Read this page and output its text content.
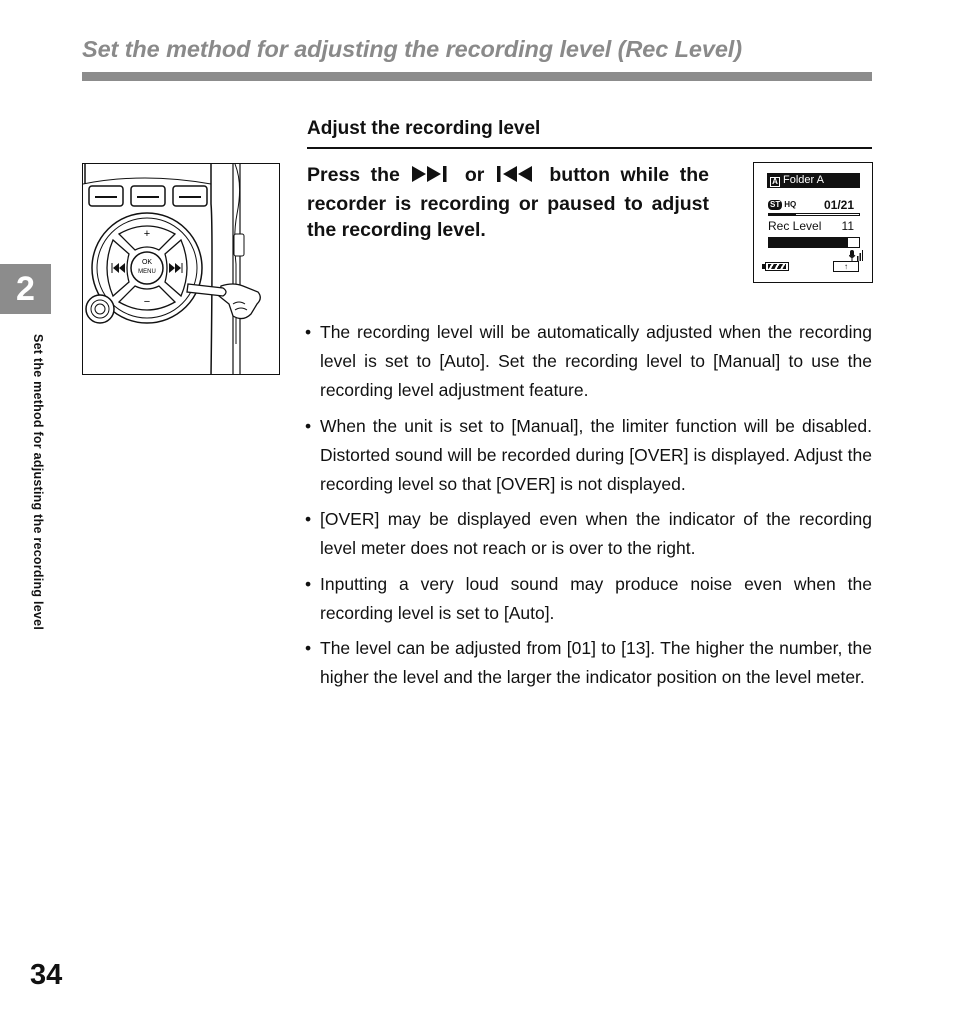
Set the method for adjusting the recording level (Rec Level)
2
Set the method for adjusting the recording level
Adjust the recording level
OK
MENU
+
−
Press the  or  button while the recorder is recording or paused to adjust the recording level.
A Folder A
ST HQ 01/21
Rec Level 11
↑
• The recording level will be automatically adjusted when the recording level is set to [Auto]. Set the recording level to [Manual] to use the recording level adjustment feature.
• When the unit is set to [Manual], the limiter function will be disabled. Distorted sound will be recorded during [OVER] is displayed. Adjust the recording level so that [OVER] is not displayed.
• [OVER] may be displayed even when the indicator of the recording level meter does not reach or is over to the right.
• Inputting a very loud sound may produce noise even when the recording level is set to [Auto].
• The level can be adjusted from [01] to [13]. The higher the number, the higher the level and the larger the indicator position on the level meter.
34
